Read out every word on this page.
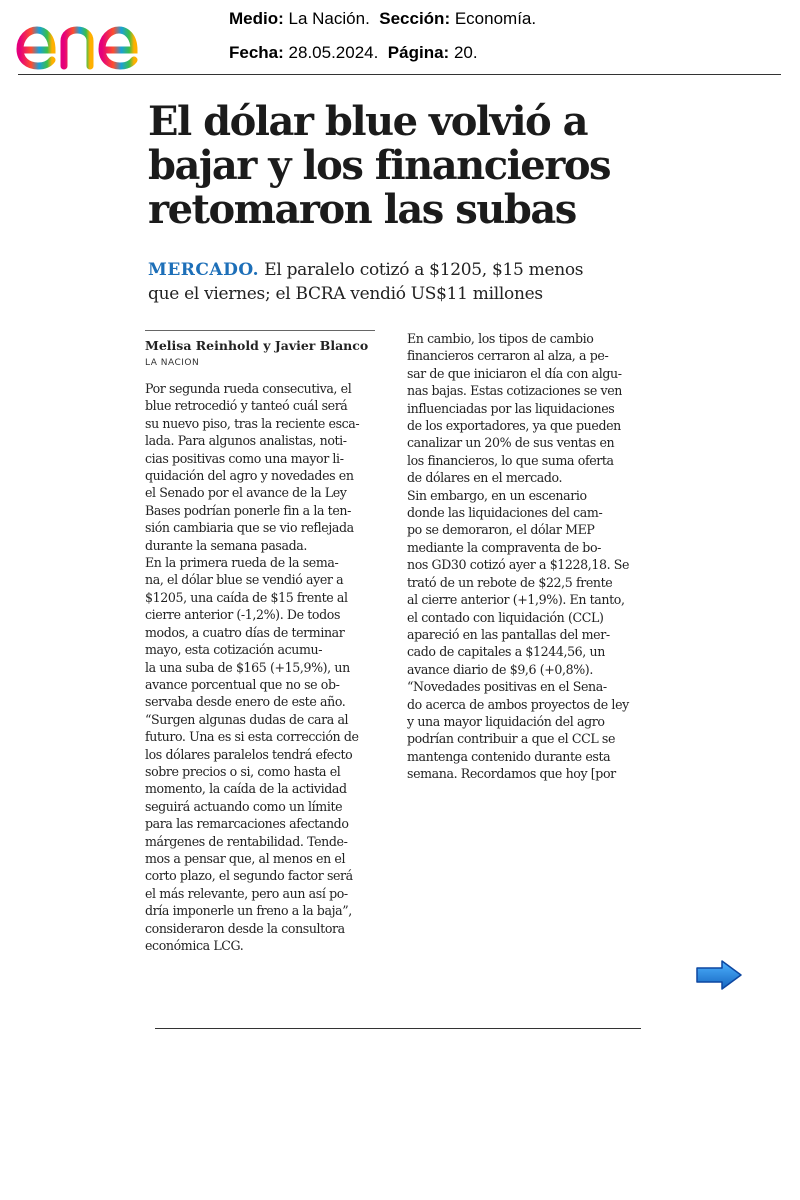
Medio: La Nación. Sección: Economía.
Fecha: 28.05.2024. Página: 20.
El dólar blue volvió a
bajar y los financieros
retomaron las subas
MERCADO. El paralelo cotizó a $1205, $15 menos
que el viernes; el BCRA vendió US$11 millones
Melisa Reinhold y Javier Blanco
LA NACION
Por segunda rueda consecutiva, el
blue retrocedió y tanteó cuál será
su nuevo piso, tras la reciente esca-
lada. Para algunos analistas, noti-
cias positivas como una mayor li-
quidación del agro y novedades en
el Senado por el avance de la Ley
Bases podrían ponerle fin a la ten-
sión cambiaria que se vio reflejada
durante la semana pasada.
En la primera rueda de la sema-
na, el dólar blue se vendió ayer a
$1205, una caída de $15 frente al
cierre anterior (-1,2%). De todos
modos, a cuatro días de terminar
mayo, esta cotización acumu-
la una suba de $165 (+15,9%), un
avance porcentual que no se ob-
servaba desde enero de este año.
“Surgen algunas dudas de cara al
futuro. Una es si esta corrección de
los dólares paralelos tendrá efecto
sobre precios o si, como hasta el
momento, la caída de la actividad
seguirá actuando como un límite
para las remarcaciones afectando
márgenes de rentabilidad. Tende-
mos a pensar que, al menos en el
corto plazo, el segundo factor será
el más relevante, pero aun así po-
dría imponerle un freno a la baja”,
consideraron desde la consultora
económica LCG.
En cambio, los tipos de cambio
financieros cerraron al alza, a pe-
sar de que iniciaron el día con algu-
nas bajas. Estas cotizaciones se ven
influenciadas por las liquidaciones
de los exportadores, ya que pueden
canalizar un 20% de sus ventas en
los financieros, lo que suma oferta
de dólares en el mercado.
Sin embargo, en un escenario
donde las liquidaciones del cam-
po se demoraron, el dólar MEP
mediante la compraventa de bo-
nos GD30 cotizó ayer a $1228,18. Se
trató de un rebote de $22,5 frente
al cierre anterior (+1,9%). En tanto,
el contado con liquidación (CCL)
apareció en las pantallas del mer-
cado de capitales a $1244,56, un
avance diario de $9,6 (+0,8%).
“Novedades positivas en el Sena-
do acerca de ambos proyectos de ley
y una mayor liquidación del agro
podrían contribuir a que el CCL se
mantenga contenido durante esta
semana. Recordamos que hoy [por
